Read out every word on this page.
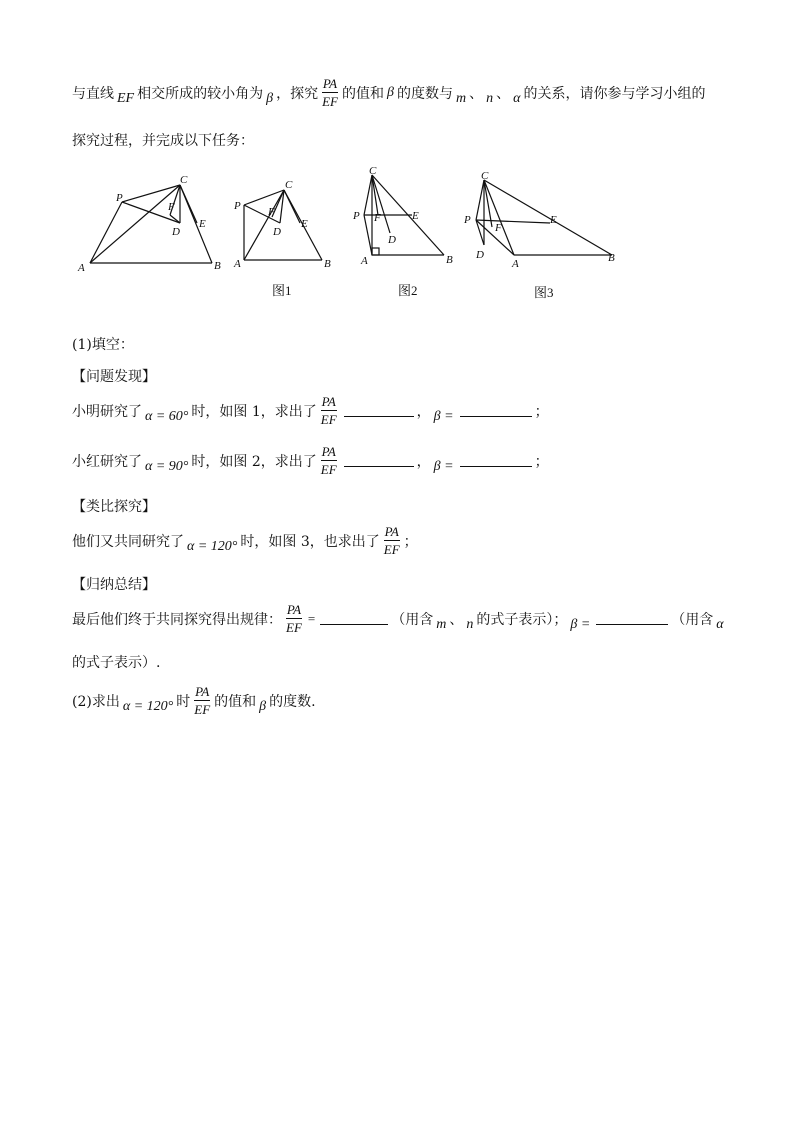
与直线 EF 相交所成的较小角为 β ，探究 $\frac{PA}{EF}$ 的值和 β 的度数与 m 、 n 、 α 的关系，请你参与学习小组的
探究过程，并完成以下任务：
A	B
C
D
E
F
P
A	B
C
D
E
F
P
A	B
C
D
E
F
P
A	B
C
D
E
F
P
图1	图2	图3
(1)填空：
【问题发现】
小明研究了 α = 60° 时，如图 1，求出了 $\frac{PA}{EF}$	， β =	；
小红研究了 α = 90° 时，如图 2，求出了 $\frac{PA}{EF}$	， β =	；
【类比探究】
他们又共同研究了 α = 120° 时，如图 3，也求出了 $\frac{PA}{EF}$ ；
【归纳总结】
最后他们终于共同探究得出规律： $\frac{PA}{EF}$ =	（用含 m 、 n 的式子表示）； β =	（用含 α
的式子表示）.
(2)求出 α = 120° 时 $\frac{PA}{EF}$ 的值和 β 的度数.
